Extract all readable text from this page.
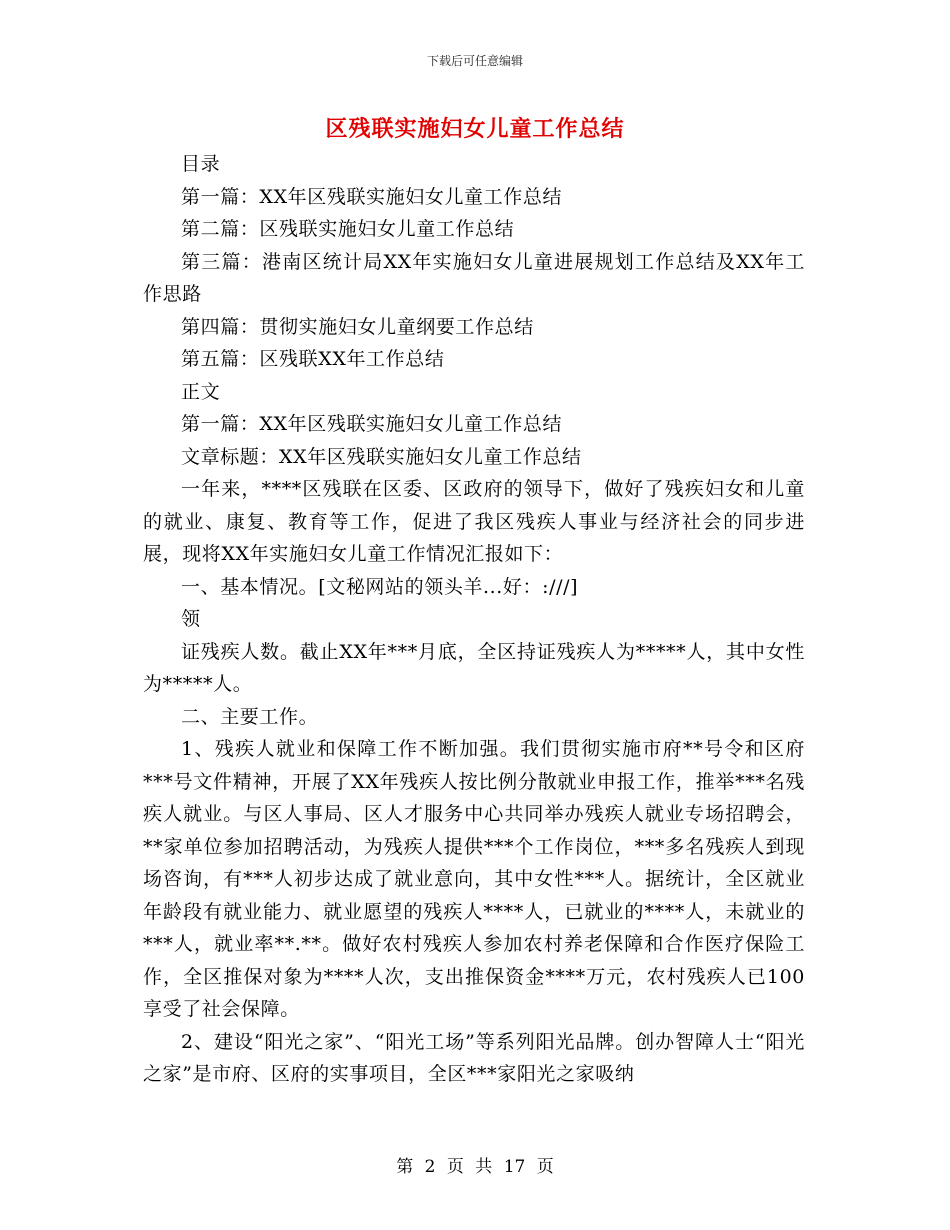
下载后可任意编辑
区残联实施妇女儿童工作总结

目录

第一篇：XX年区残联实施妇女儿童工作总结

第二篇：区残联实施妇女儿童工作总结

第三篇：港南区统计局XX年实施妇女儿童进展规划工作总结及XX年工作思路

第四篇：贯彻实施妇女儿童纲要工作总结

第五篇：区残联XX年工作总结

正文

第一篇：XX年区残联实施妇女儿童工作总结

文章标题：XX年区残联实施妇女儿童工作总结

一年来，****区残联在区委、区政府的领导下，做好了残疾妇女和儿童的就业、康复、教育等工作，促进了我区残疾人事业与经济社会的同步进展，现将XX年实施妇女儿童工作情况汇报如下：

一、基本情况。[文秘网站的领头羊...好：:///]

领

证残疾人数。截止XX年***月底，全区持证残疾人为*****人，其中女性为*****人。

二、主要工作。

1、残疾人就业和保障工作不断加强。我们贯彻实施市府**号令和区府***号文件精神，开展了XX年残疾人按比例分散就业申报工作，推举***名残疾人就业。与区人事局、区人才服务中心共同举办残疾人就业专场招聘会，**家单位参加招聘活动，为残疾人提供***个工作岗位，***多名残疾人到现场咨询，有***人初步达成了就业意向，其中女性***人。据统计，全区就业年龄段有就业能力、就业愿望的残疾人****人，已就业的****人，未就业的***人，就业率**.**。做好农村残疾人参加农村养老保障和合作医疗保险工作，全区推保对象为****人次，支出推保资金****万元，农村残疾人已100享受了社会保障。

2、建设“阳光之家”、“阳光工场”等系列阳光品牌。创办智障人士“阳光之家”是市府、区府的实事项目，全区***家阳光之家吸纳

第 2 页 共 17 页
